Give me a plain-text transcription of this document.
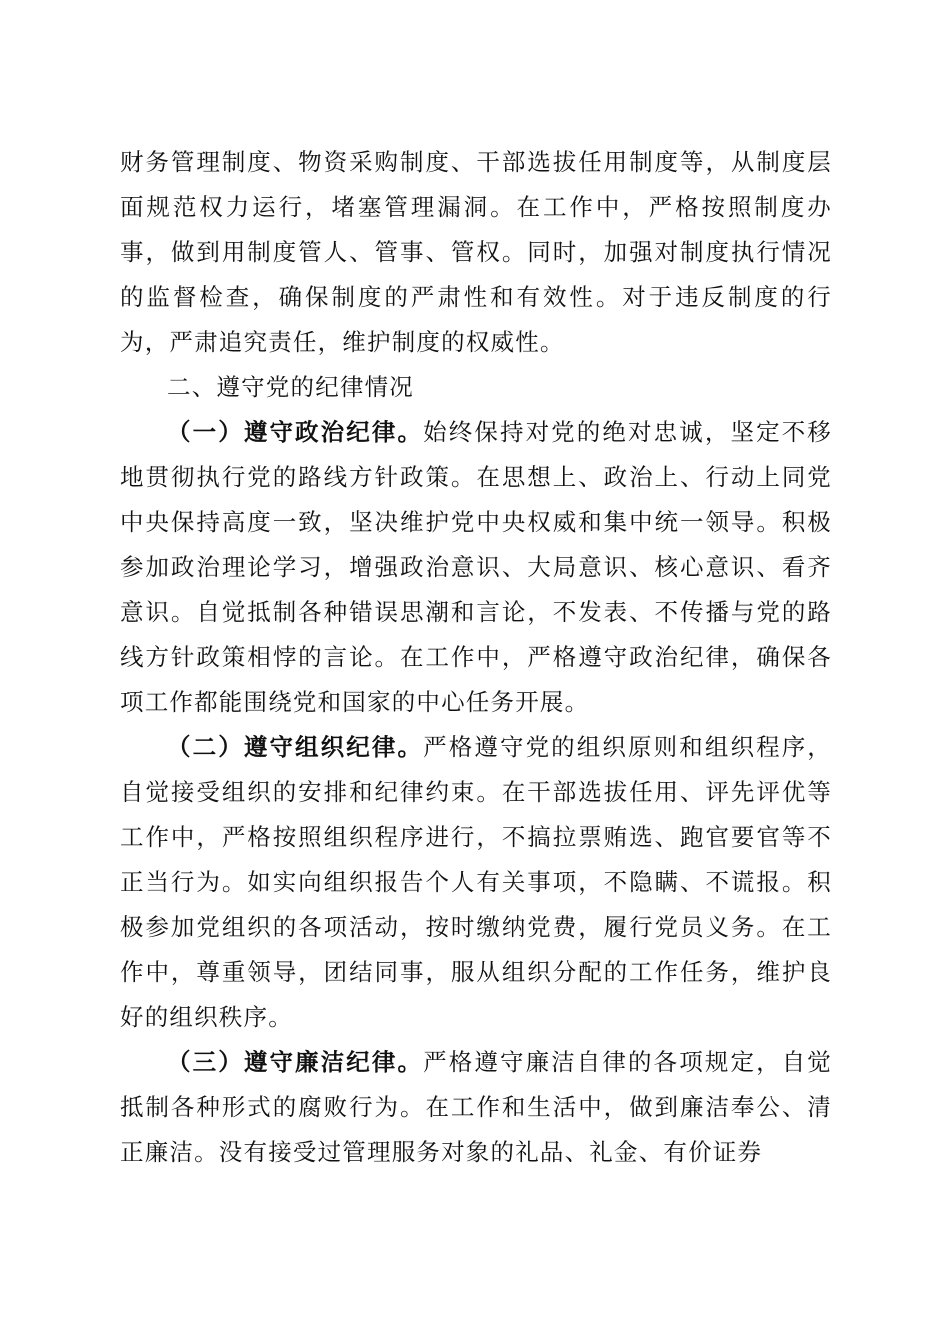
财务管理制度、物资采购制度、干部选拔任用制度等，从制度层面规范权力运行，堵塞管理漏洞。在工作中，严格按照制度办事，做到用制度管人、管事、管权。同时，加强对制度执行情况的监督检查，确保制度的严肃性和有效性。对于违反制度的行为，严肃追究责任，维护制度的权威性。

二、遵守党的纪律情况

（一）遵守政治纪律。始终保持对党的绝对忠诚，坚定不移地贯彻执行党的路线方针政策。在思想上、政治上、行动上同党中央保持高度一致，坚决维护党中央权威和集中统一领导。积极参加政治理论学习，增强政治意识、大局意识、核心意识、看齐意识。自觉抵制各种错误思潮和言论，不发表、不传播与党的路线方针政策相悖的言论。在工作中，严格遵守政治纪律，确保各项工作都能围绕党和国家的中心任务开展。

（二）遵守组织纪律。严格遵守党的组织原则和组织程序，自觉接受组织的安排和纪律约束。在干部选拔任用、评先评优等工作中，严格按照组织程序进行，不搞拉票贿选、跑官要官等不正当行为。如实向组织报告个人有关事项，不隐瞒、不谎报。积极参加党组织的各项活动，按时缴纳党费，履行党员义务。在工作中，尊重领导，团结同事，服从组织分配的工作任务，维护良好的组织秩序。

（三）遵守廉洁纪律。严格遵守廉洁自律的各项规定，自觉抵制各种形式的腐败行为。在工作和生活中，做到廉洁奉公、清正廉洁。没有接受过管理服务对象的礼品、礼金、有价证券
